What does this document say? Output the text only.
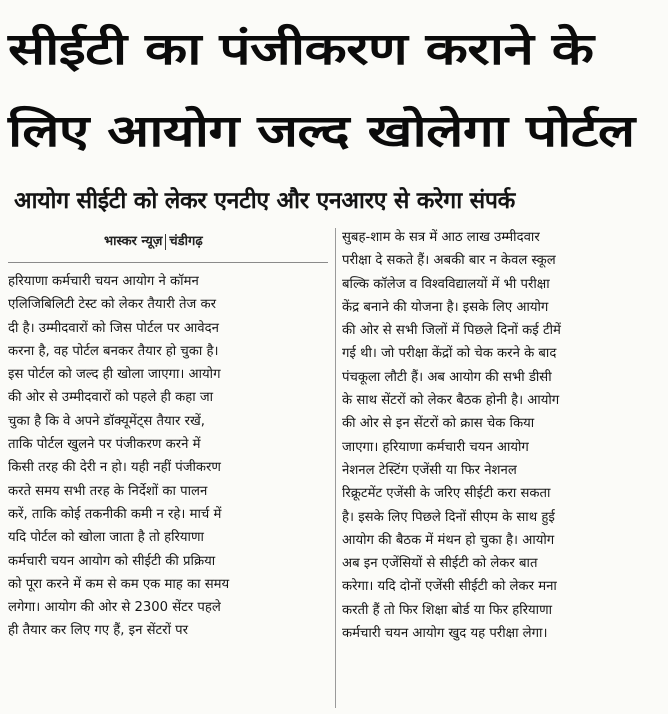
सीईटी का पंजीकरण कराने के
लिए आयोग जल्द खोलेगा पोर्टल
आयोग सीईटी को लेकर एनटीए और एनआरए से करेगा संपर्क
भास्कर न्यूज़ चंडीगढ़
हरियाणा कर्मचारी चयन आयोग ने कॉमन
एलिजिबिलिटी टेस्ट को लेकर तैयारी तेज कर
दी है। उम्मीदवारों को जिस पोर्टल पर आवेदन
करना है, वह पोर्टल बनकर तैयार हो चुका है।
इस पोर्टल को जल्द ही खोला जाएगा। आयोग
की ओर से उम्मीदवारों को पहले ही कहा जा
चुका है कि वे अपने डॉक्यूमेंट्स तैयार रखें,
ताकि पोर्टल खुलने पर पंजीकरण करने में
किसी तरह की देरी न हो। यही नहीं पंजीकरण
करते समय सभी तरह के निर्देशों का पालन
करें, ताकि कोई तकनीकी कमी न रहे। मार्च में
यदि पोर्टल को खोला जाता है तो हरियाणा
कर्मचारी चयन आयोग को सीईटी की प्रक्रिया
को पूरा करने में कम से कम एक माह का समय
लगेगा। आयोग की ओर से 2300 सेंटर पहले
ही तैयार कर लिए गए हैं, इन सेंटरों पर
सुबह-शाम के सत्र में आठ लाख उम्मीदवार
परीक्षा दे सकते हैं। अबकी बार न केवल स्कूल
बल्कि कॉलेज व विश्वविद्यालयों में भी परीक्षा
केंद्र बनाने की योजना है। इसके लिए आयोग
की ओर से सभी जिलों में पिछले दिनों कई टीमें
गई थी। जो परीक्षा केंद्रों को चेक करने के बाद
पंचकूला लौटी हैं। अब आयोग की सभी डीसी
के साथ सेंटरों को लेकर बैठक होनी है। आयोग
की ओर से इन सेंटरों को क्रास चेक किया
जाएगा। हरियाणा कर्मचारी चयन आयोग
नेशनल टेस्टिंग एजेंसी या फिर नेशनल
रिक्रूटमेंट एजेंसी के जरिए सीईटी करा सकता
है। इसके लिए पिछले दिनों सीएम के साथ हुई
आयोग की बैठक में मंथन हो चुका है। आयोग
अब इन एजेंसियों से सीईटी को लेकर बात
करेगा। यदि दोनों एजेंसी सीईटी को लेकर मना
करती हैं तो फिर शिक्षा बोर्ड या फिर हरियाणा
कर्मचारी चयन आयोग खुद यह परीक्षा लेगा।
